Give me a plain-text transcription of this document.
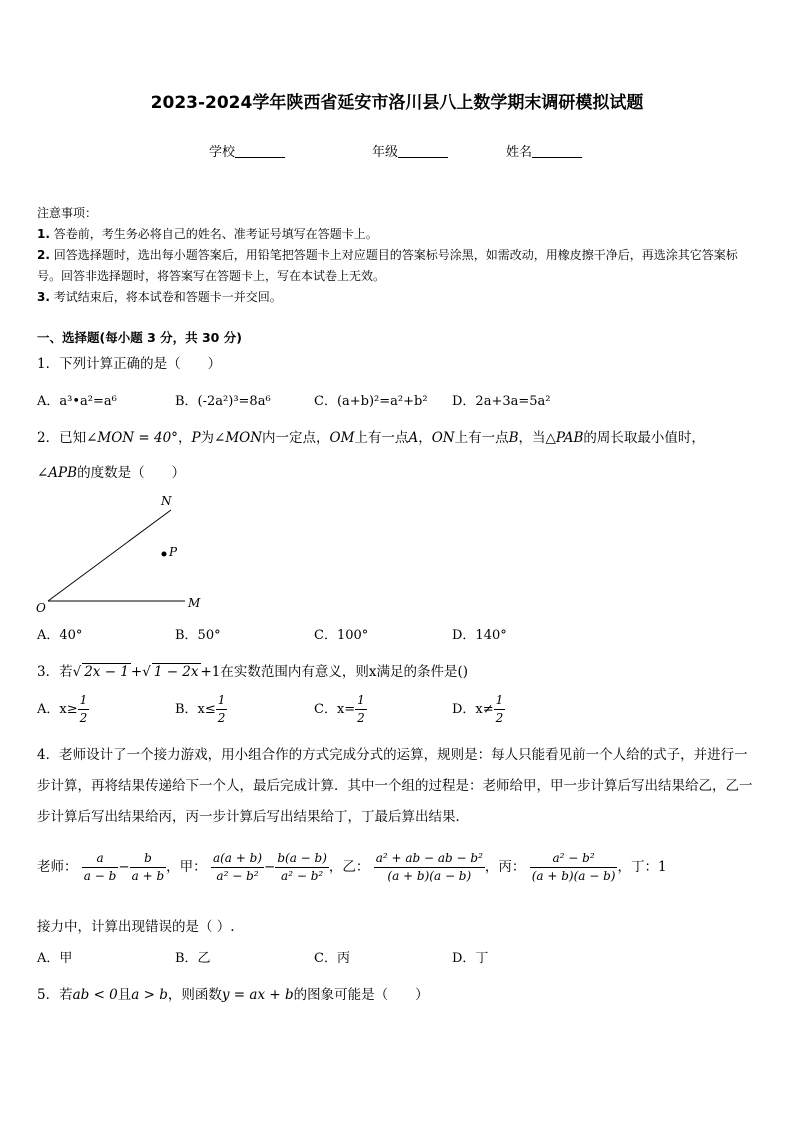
2023-2024学年陕西省延安市洛川县八上数学期末调研模拟试题
学校	年级	姓名
注意事项：
1. 答卷前，考生务必将自己的姓名、准考证号填写在答题卡上。
2. 回答选择题时，选出每小题答案后，用铅笔把答题卡上对应题目的答案标号涂黑，如需改动，用橡皮擦干净后，再选涂其它答案标号。回答非选择题时，将答案写在答题卡上，写在本试卷上无效。
3. 考试结束后，将本试卷和答题卡一并交回。
一、选择题(每小题 3 分，共 30 分)
1．下列计算正确的是（　　）
A．a³•a²=a⁶	B．(-2a²)³=8a⁶	C．(a+b)²=a²+b² D．2a+3a=5a²
2．已知∠MON = 40°，P为∠MON内一定点，OM上有一点A，ON上有一点B，当△PAB的周长取最小值时，
∠APB的度数是（　　）
N
P
O	M
A．40°	B．50°	C．100°	D．140°
3．若√ 2x − 1 +√ 1 − 2x +1在实数范围内有意义，则x满足的条件是()
A．$x\ge \frac{1}{2}$	B．$x\le \frac{1}{2}$	C．$x= \frac{1}{2}$	D．$x\ne \frac{1}{2}$
4．老师设计了一个接力游戏，用小组合作的方式完成分式的运算，规则是：每人只能看见前一个人给的式子，并进行一步计算，再将结果传递给下一个人，最后完成计算．其中一个组的过程是：老师给甲，甲一步计算后写出结果给乙，乙一步计算后写出结果给丙，丙一步计算后写出结果给丁，丁最后算出结果．
老师： $\frac{a}{a - b} - \frac{b}{a + b}$ ，甲： $\frac{a(a + b)}{\text{a² − b²}} - \frac{b(a - b)}{\text{a² − b²}}$ ，乙： $\frac{\text{a² + ab − ab − b²}}{(a + b)(a - b)}$ ，丙： $\frac{\text{a² − b²}}{(a + b)(a - b)}$ ，丁：1
接力中，计算出现错误的是（ ）.
A．甲	B．乙	C．丙	D．丁
5．若ab < 0且a > b，则函数y = ax + b的图象可能是（　　）
